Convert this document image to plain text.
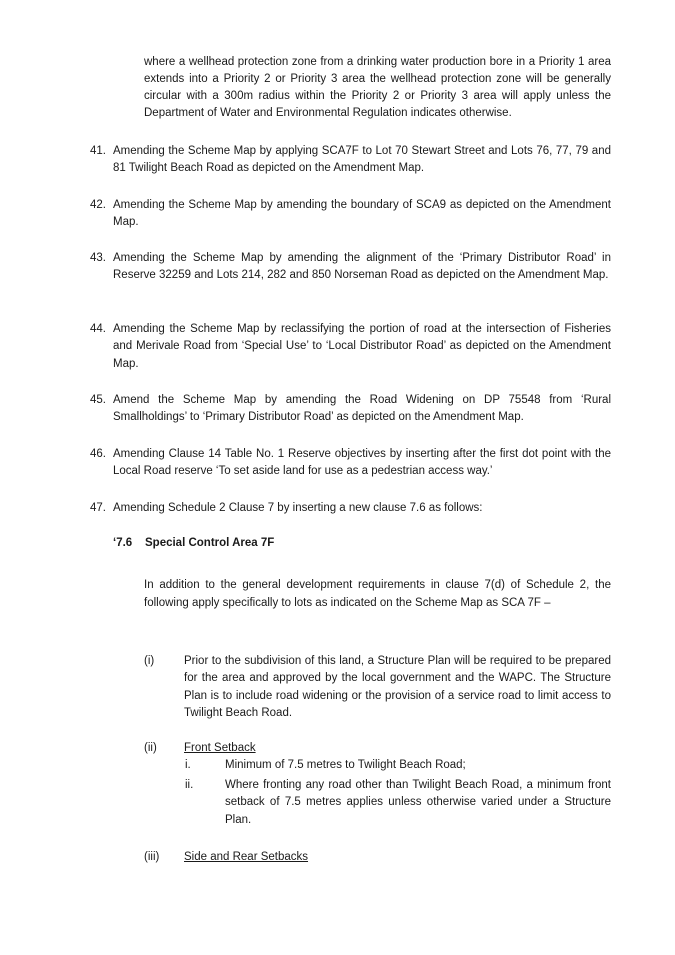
where a wellhead protection zone from a drinking water production bore in a Priority 1 area extends into a Priority 2 or Priority 3 area the wellhead protection zone will be generally circular with a 300m radius within the Priority 2 or Priority 3 area will apply unless the Department of Water and Environmental Regulation indicates otherwise.
41. Amending the Scheme Map by applying SCA7F to Lot 70 Stewart Street and Lots 76, 77, 79 and 81 Twilight Beach Road as depicted on the Amendment Map.
42. Amending the Scheme Map by amending the boundary of SCA9 as depicted on the Amendment Map.
43. Amending the Scheme Map by amending the alignment of the ‘Primary Distributor Road’ in Reserve 32259 and Lots 214, 282 and 850 Norseman Road as depicted on the Amendment Map.
44. Amending the Scheme Map by reclassifying the portion of road at the intersection of Fisheries and Merivale Road from ‘Special Use’ to ‘Local Distributor Road’ as depicted on the Amendment Map.
45. Amend the Scheme Map by amending the Road Widening on DP 75548 from ‘Rural Smallholdings’ to ‘Primary Distributor Road’ as depicted on the Amendment Map.
46. Amending Clause 14 Table No. 1 Reserve objectives by inserting after the first dot point with the Local Road reserve ‘To set aside land for use as a pedestrian access way.’
47. Amending Schedule 2 Clause 7 by inserting a new clause 7.6 as follows:
‘7.6 Special Control Area 7F
In addition to the general development requirements in clause 7(d) of Schedule 2, the following apply specifically to lots as indicated on the Scheme Map as SCA 7F –
(i)	Prior to the subdivision of this land, a Structure Plan will be required to be prepared for the area and approved by the local government and the WAPC. The Structure Plan is to include road widening or the provision of a service road to limit access to Twilight Beach Road.
(ii)	Front Setback
i.	Minimum of 7.5 metres to Twilight Beach Road;
ii.	Where fronting any road other than Twilight Beach Road, a minimum front setback of 7.5 metres applies unless otherwise varied under a Structure Plan.
(iii)	Side and Rear Setbacks
